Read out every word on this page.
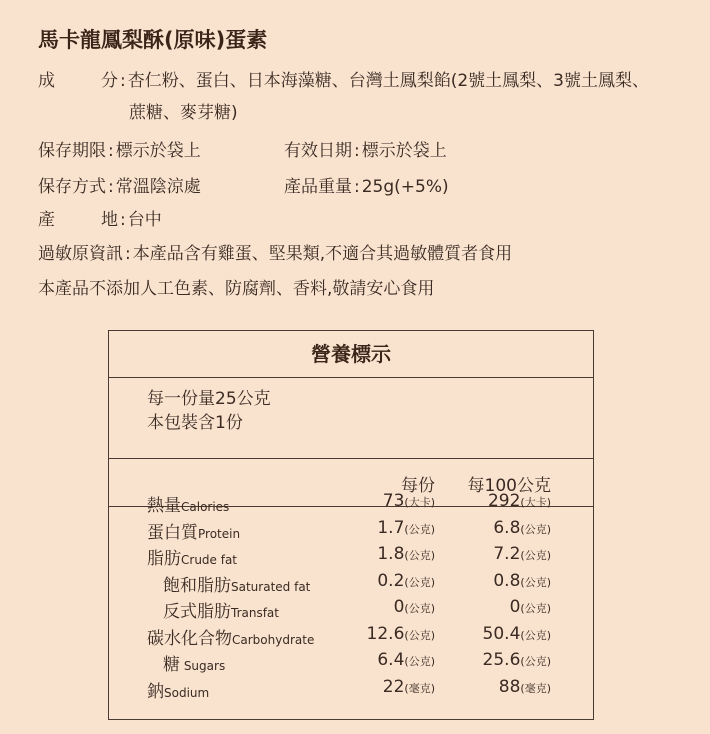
馬卡龍鳳梨酥(原味)蛋素
成	分 : 杏仁粉、蛋白、日本海藻糖、台灣土鳳梨餡(2號土鳳梨、3號土鳳梨、
蔗糖、麥芽糖)
保存期限 : 標示於袋上	有效日期 : 標示於袋上
保存方式 : 常溫陰涼處	產品重量 : 25g(+5%)
產	地 : 台中
過敏原資訊 : 本產品含有雞蛋、堅果類,不適合其過敏體質者食用
本產品不添加人工色素、防腐劑、香料,敬請安心食用
營養標示
每一份量25公克
本包裝含1份
每份 每100公克
熱量Calories	73(大卡)	292(大卡)
蛋白質Protein	1.7(公克)	6.8(公克)
脂肪Crude fat	1.8(公克)	7.2(公克)
飽和脂肪Saturated fat	0.2(公克)	0.8(公克)
反式脂肪Transfat	0(公克)	0(公克)
碳水化合物Carbohydrate	12.6(公克)	50.4(公克)
糖 Sugars	6.4(公克)	25.6(公克)
鈉Sodium	22(毫克)	88(毫克)
